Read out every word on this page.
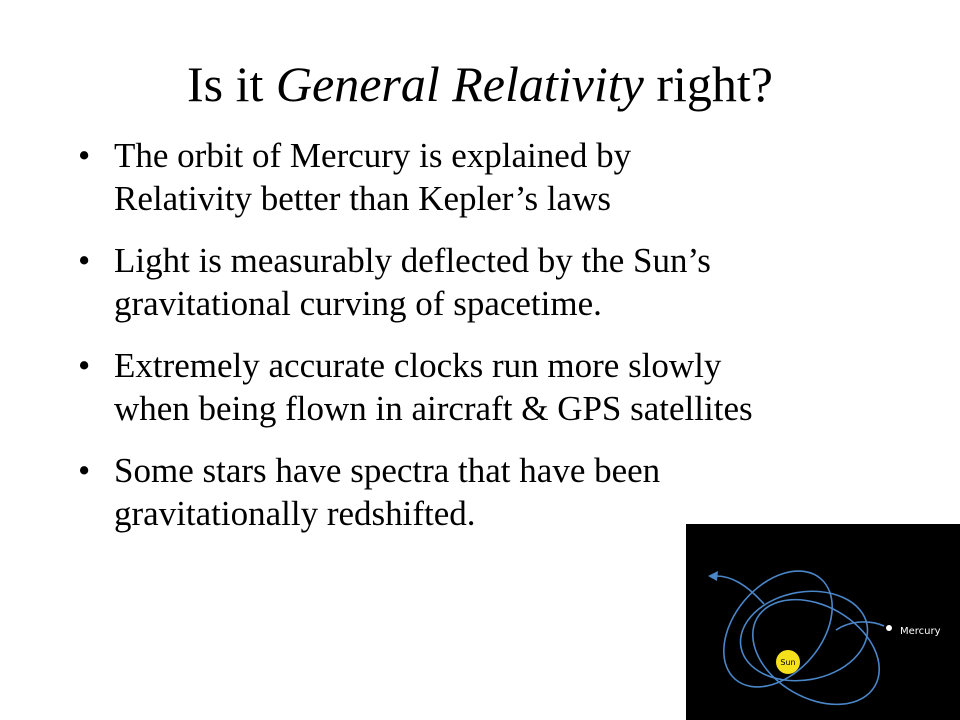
Is it General Relativity right?
• The orbit of Mercury is explained by
Relativity better than Kepler’s laws
• Light is measurably deflected by the Sun’s
gravitational curving of spacetime.
• Extremely accurate clocks run more slowly
when being flown in aircraft & GPS satellites
• Some stars have spectra that have been
gravitationally redshifted.
Mercury
Sun
